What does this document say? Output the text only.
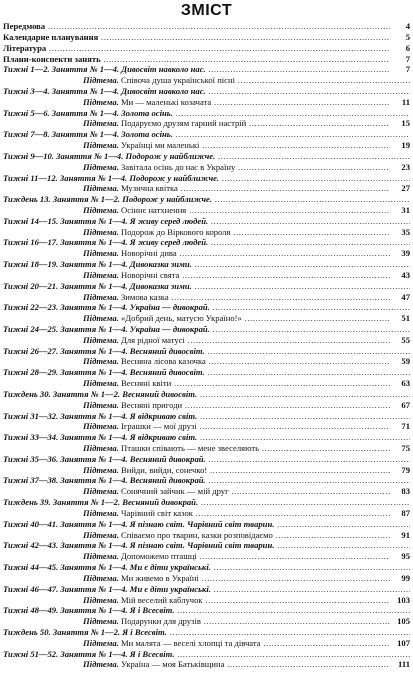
ЗМІСТ
Передмова .....	4
Календарне планування .....	5
Література .....	6
Плани-конспекти занять .....	7
Тижні 1—2. Заняття № 1—4. Дивосвіт навколо нас. .....	7
Підтема. Співоча душа української пісні .....
Тижні 3—4. Заняття № 1—4. Дивосвіт навколо нас. .....
Підтема. Ми — маленькі козачата .....	11
Тижні 5—6. Заняття № 1—4. Золота осінь. .....
Підтема. Подаруємо друзям гарний настрій .....	15
Тижні 7—8. Заняття № 1—4. Золота осінь. .....
Підтема. Українці ми маленькі .....	19
Тижні 9—10. Заняття № 1—4. Подорож у найближче. .....
Підтема. Завітала осінь до нас в Україну .....	23
Тижні 11—12. Заняття № 1—4. Подорож у найближче. .....
Підтема. Музична квітка .....	27
Тиждень 13. Заняття № 1—2. Подорож у найближче. .....
Підтема. Осіннє натхнення .....	31
Тижні 14—15. Заняття № 1—4. Я живу серед людей. .....
Підтема. Подорож до Віркового короля .....	35
Тижні 16—17. Заняття № 1—4. Я живу серед людей. .....
Підтема. Новорічні дива .....	39
Тижні 18—19. Заняття № 1—4. Дивоказка зими. .....
Підтема. Новорічні свята .....	43
Тижні 20—21. Заняття № 1—4. Дивоказка зими. .....
Підтема. Зимова казка .....	47
Тижні 22—23. Заняття № 1—4. Україна — дивокрай. .....
Підтема. «Добрий день, матусю Україно!» .....	51
Тижні 24—25. Заняття № 1—4. Україна — дивокрай. .....
Підтема. Для рідної матусі .....	55
Тижні 26—27. Заняття № 1—4. Весняний дивосвіт. .....
Підтема. Весняна лісова казочка .....	59
Тижні 28—29. Заняття № 1—4. Весняний дивосвіт. .....
Підтема. Весняні квіти .....	63
Тиждень 30. Заняття № 1—2. Весняний дивосвіт. .....
Підтема. Весняні пригоди .....	67
Тижні 31—32. Заняття № 1—4. Я відкриваю світ. .....
Підтема. Іграшки — мої друзі .....	71
Тижні 33—34. Заняття № 1—4. Я відкриваю світ. .....
Підтема. Пташки співають — мене звеселяють .....	75
Тижні 35—36. Заняття № 1—4. Весняний дивокрай. .....
Підтема. Вийди, вийди, сонечко! .....	79
Тижні 37—38. Заняття № 1—4. Весняний дивокрай. .....
Підтема. Сонячний зайчик — мій друг .....	83
Тиждень 39. Заняття № 1—2. Весняний дивокрай. .....
Підтема. Чарівний світ казок .....	87
Тижні 40—41. Заняття № 1—4. Я пізнаю світ. Чарівний світ тварин. .....
Підтема. Співаємо про тварин, казки розповідаємо .....	91
Тижні 42—43. Заняття № 1—4. Я пізнаю світ. Чарівний світ тварин. .....
Підтема. Допоможемо пташці .....	95
Тижні 44—45. Заняття № 1—4. Ми є діти українські. .....
Підтема. Ми живемо в Україні .....	99
Тижні 46—47. Заняття № 1—4. Ми є діти українські. .....
Підтема. Мій веселий каблучок .....	103
Тижні 48—49. Заняття № 1—4. Я і Всесвіт. .....
Підтема. Подарунки для друзів .....	105
Тиждень 50. Заняття № 1—2. Я і Всесвіт. .....
Підтема. Ми малята — веселі хлопці та дівчата .....	107
Тижні 51—52. Заняття № 1—4. Я і Всесвіт. .....
Підтема. Україна — моя Батьківщина .....	111
